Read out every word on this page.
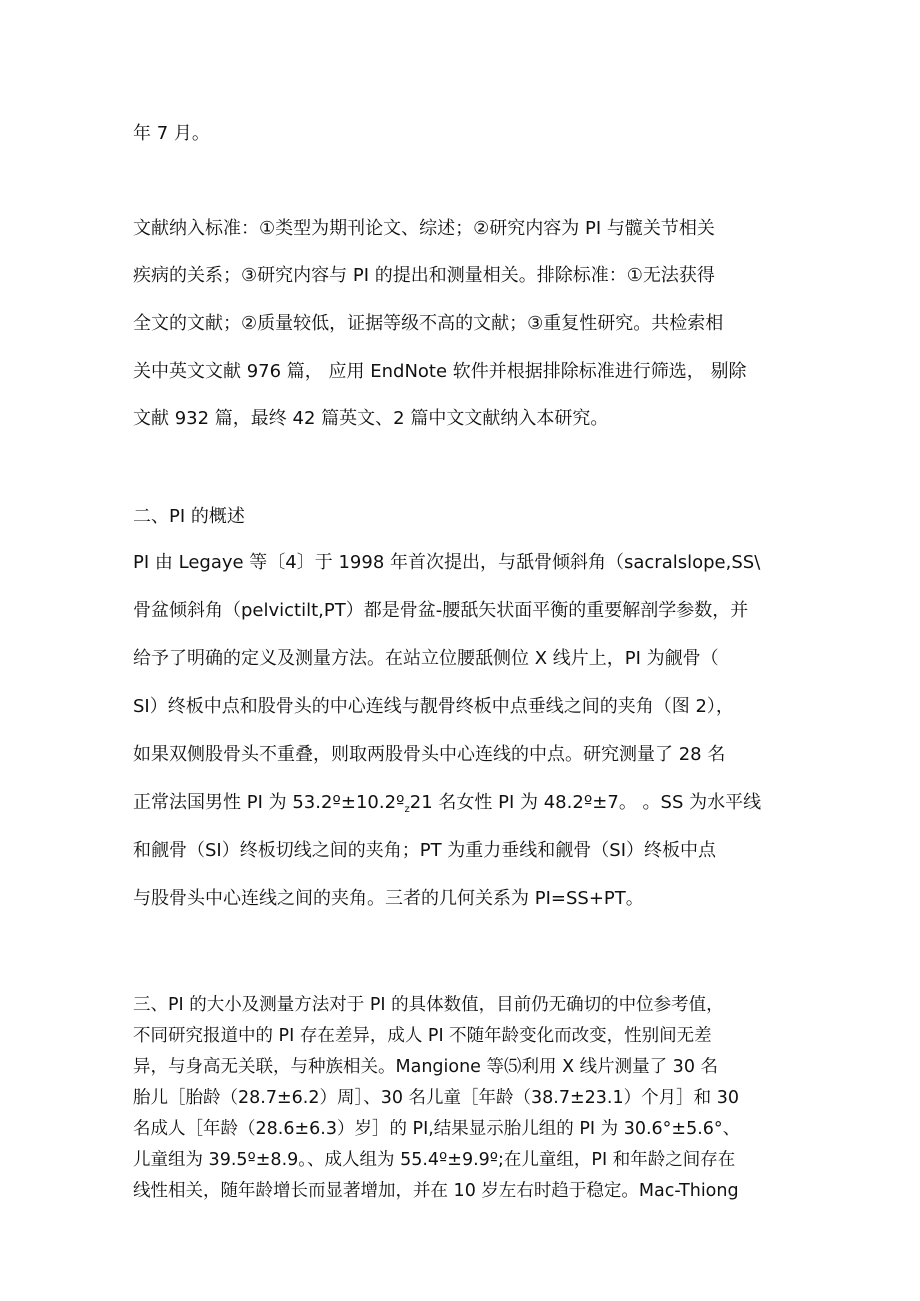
年 7 月。
文献纳入标准：①类型为期刊论文、综述；②研究内容为 PI 与髋关节相关
疾病的关系；③研究内容与 PI 的提出和测量相关。排除标准：①无法获得
全文的文献；②质量较低，证据等级不高的文献；③重复性研究。共检索相
关中英文文献 976 篇， 应用 EndNote 软件并根据排除标准进行筛选， 剔除
文献 932 篇，最终 42 篇英文、2 篇中文文献纳入本研究。
二、PI 的概述
PI 由 Legaye 等〔4〕于 1998 年首次提出，与舐骨倾斜角（sacralslope,SS\
骨盆倾斜角（pelvictilt,PT）都是骨盆-腰舐矢状面平衡的重要解剖学参数，并
给予了明确的定义及测量方法。在站立位腰舐侧位 X 线片上，PI 为觎骨（
SI）终板中点和股骨头的中心连线与靓骨终板中点垂线之间的夹角（图 2），
如果双侧股骨头不重叠，则取两股骨头中心连线的中点。研究测量了 28 名
正常法国男性 PI 为 53.2º±10.2º$_z$21 名女性 PI 为 48.2º±7。 。SS 为水平线
和觎骨（SI）终板切线之间的夹角；PT 为重力垂线和觎骨（SI）终板中点
与股骨头中心连线之间的夹角。三者的几何关系为 PI=SS+PT。
三、PI 的大小及测量方法对于 PI 的具体数值，目前仍无确切的中位参考值，
不同研究报道中的 PI 存在差异，成人 PI 不随年龄变化而改变，性别间无差
异，与身高无关联，与种族相关。Mangione 等⑸利用 X 线片测量了 30 名
胎儿［胎龄（28.7±6.2）周］、30 名儿童［年龄（38.7±23.1）个月］和 30
名成人［年龄（28.6±6.3）岁］的 PI,结果显示胎儿组的 PI 为 30.6°±5.6°、
儿童组为 39.5º±8.9。、成人组为 55.4º±9.9º;在儿童组，PI 和年龄之间存在
线性相关，随年龄增长而显著增加，并在 10 岁左右时趋于稳定。Mac-Thiong
